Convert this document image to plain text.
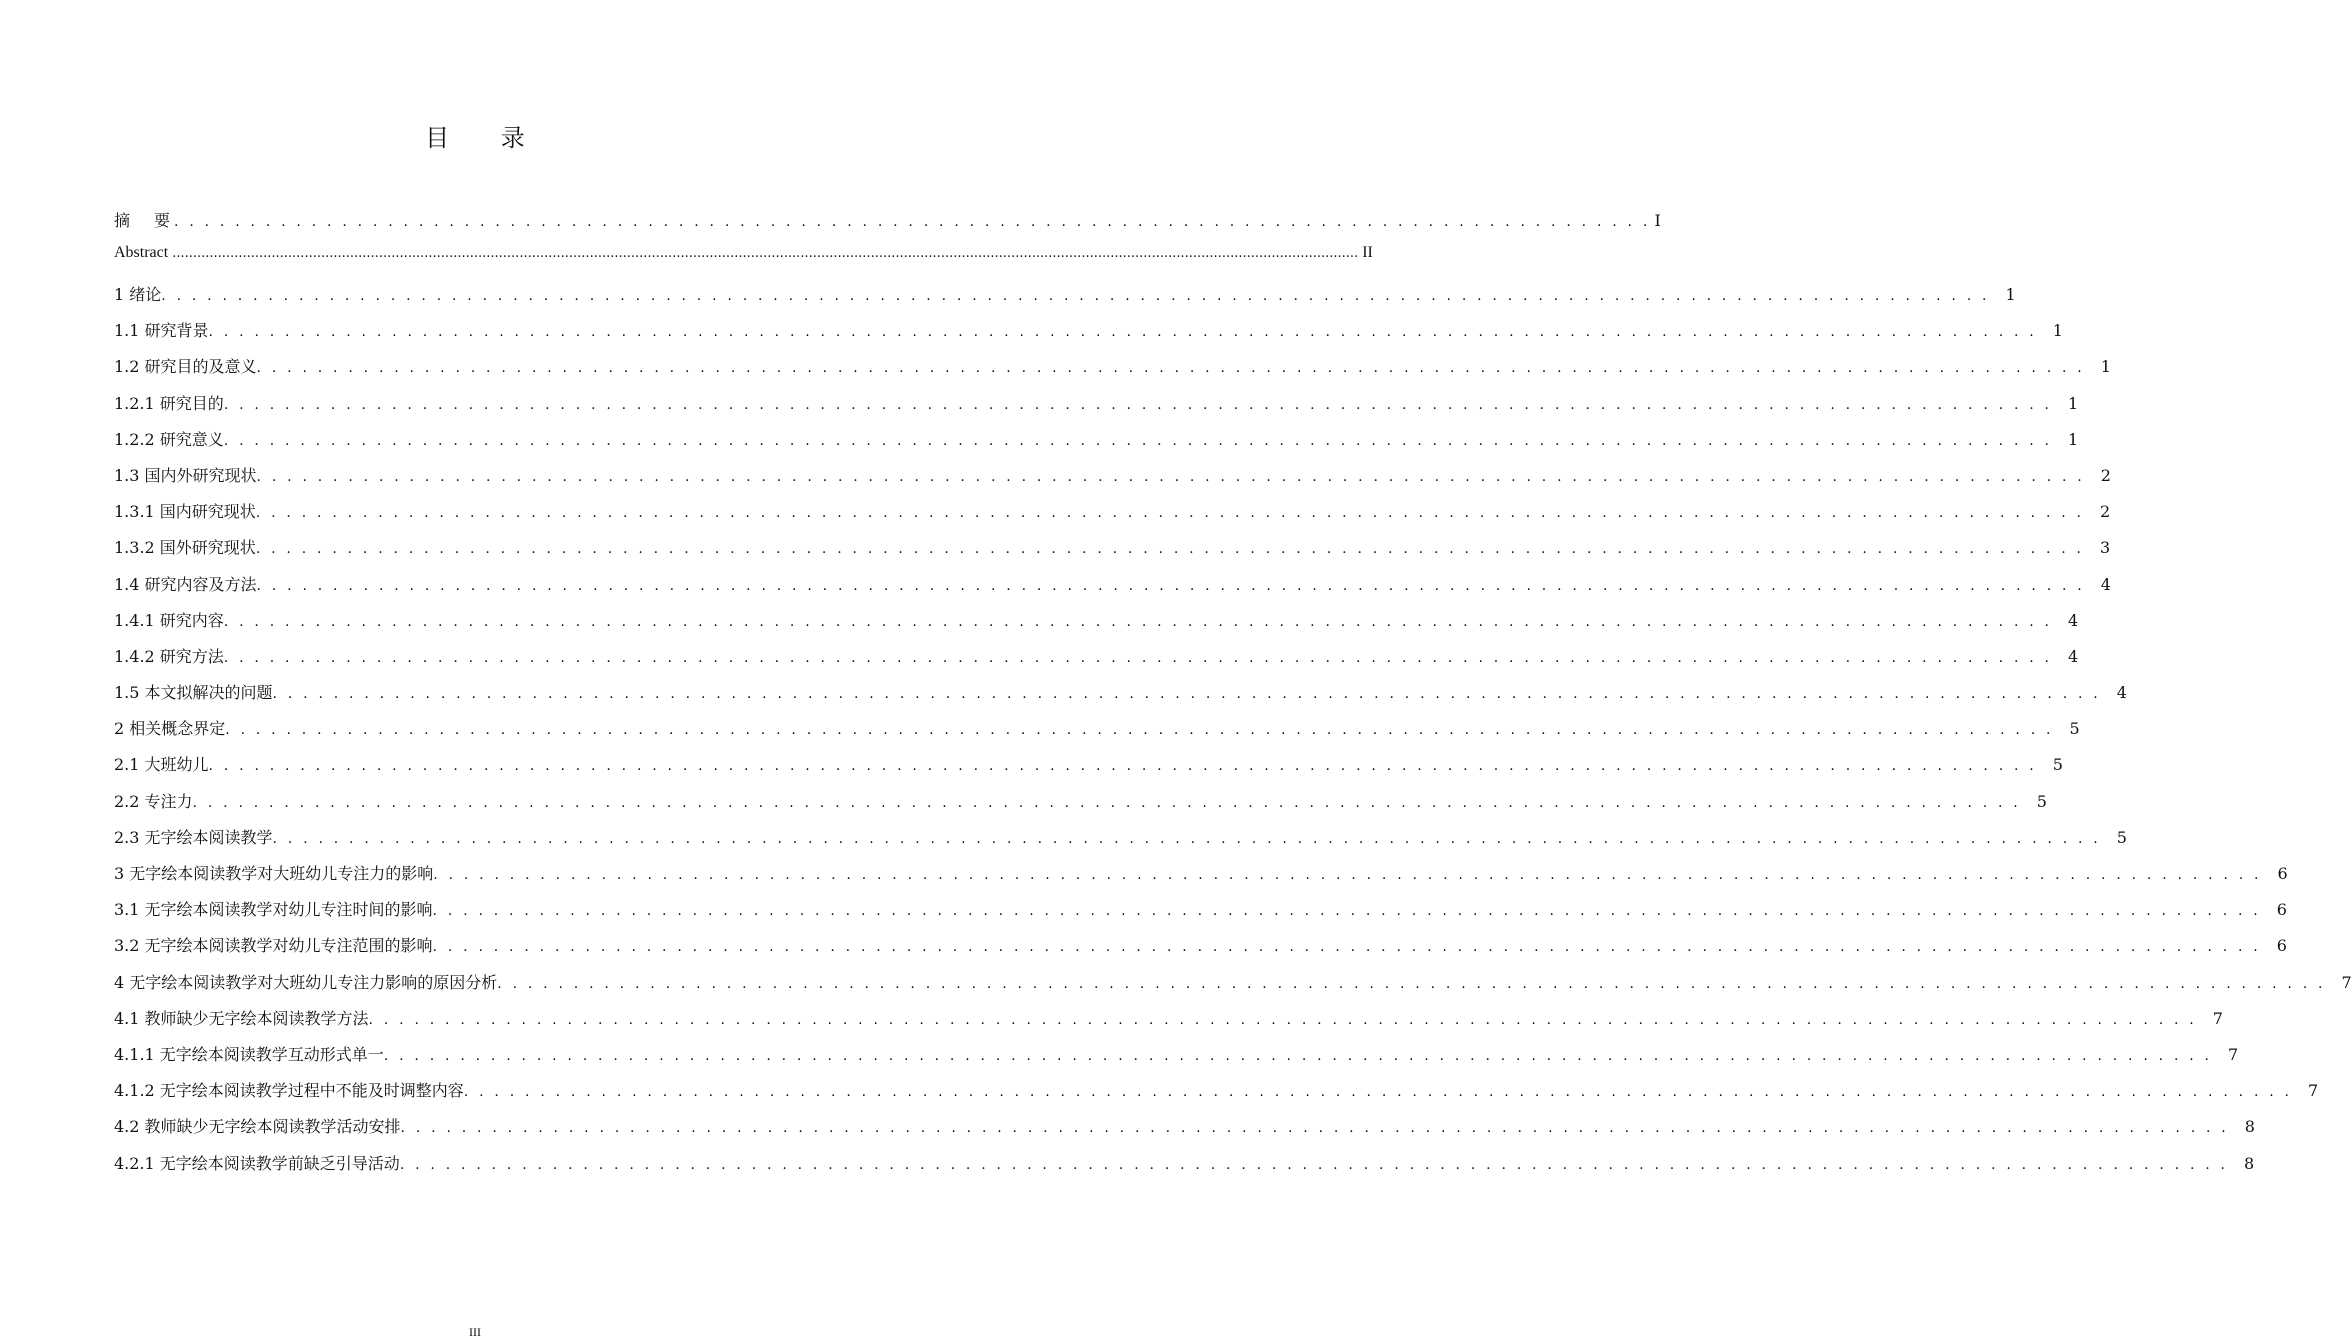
目 录
摘　要 . . . . . . . . . . . . . . . . . . . . . . . . . . . . . . . . . . . . . . . . . . . . . . . . . . . . . . . . . . . . . . . . . . . . . . . . . . . . . . . . . . . . . . . . . . . . . . . . . I
Abstract ............................................................................................................................................................................................................................................................................................... II
1 绪论 . . . . . . . . . . . . . . . . . . . . . . . . . . . . . . . . . . . . . . . . . . . . . . . . . . . . . . . . . . . . . . . . . . . . . . . . . . . . . . . . . . . . . . . . . . . . . . . . . . . . . . . . . . . . . . . . . . . . . . . . 1
1.1 研究背景 . . . . . . . . . . . . . . . . . . . . . . . . . . . . . . . . . . . . . . . . . . . . . . . . . . . . . . . . . . . . . . . . . . . . . . . . . . . . . . . . . . . . . . . . . . . . . . . . . . . . . . . . . . . . . . . . . . . . . . . . 1
1.2 研究目的及意义 . . . . . . . . . . . . . . . . . . . . . . . . . . . . . . . . . . . . . . . . . . . . . . . . . . . . . . . . . . . . . . . . . . . . . . . . . . . . . . . . . . . . . . . . . . . . . . . . . . . . . . . . . . . . . . . . . . . . . . . . 1
1.2.1 研究目的 . . . . . . . . . . . . . . . . . . . . . . . . . . . . . . . . . . . . . . . . . . . . . . . . . . . . . . . . . . . . . . . . . . . . . . . . . . . . . . . . . . . . . . . . . . . . . . . . . . . . . . . . . . . . . . . . . . . . . . . . 1
1.2.2 研究意义 . . . . . . . . . . . . . . . . . . . . . . . . . . . . . . . . . . . . . . . . . . . . . . . . . . . . . . . . . . . . . . . . . . . . . . . . . . . . . . . . . . . . . . . . . . . . . . . . . . . . . . . . . . . . . . . . . . . . . . . . 1
1.3 国内外研究现状 . . . . . . . . . . . . . . . . . . . . . . . . . . . . . . . . . . . . . . . . . . . . . . . . . . . . . . . . . . . . . . . . . . . . . . . . . . . . . . . . . . . . . . . . . . . . . . . . . . . . . . . . . . . . . . . . . . . . . . . . 2
1.3.1 国内研究现状 . . . . . . . . . . . . . . . . . . . . . . . . . . . . . . . . . . . . . . . . . . . . . . . . . . . . . . . . . . . . . . . . . . . . . . . . . . . . . . . . . . . . . . . . . . . . . . . . . . . . . . . . . . . . . . . . . . . . . . . . 2
1.3.2 国外研究现状 . . . . . . . . . . . . . . . . . . . . . . . . . . . . . . . . . . . . . . . . . . . . . . . . . . . . . . . . . . . . . . . . . . . . . . . . . . . . . . . . . . . . . . . . . . . . . . . . . . . . . . . . . . . . . . . . . . . . . . . . 3
1.4 研究内容及方法 . . . . . . . . . . . . . . . . . . . . . . . . . . . . . . . . . . . . . . . . . . . . . . . . . . . . . . . . . . . . . . . . . . . . . . . . . . . . . . . . . . . . . . . . . . . . . . . . . . . . . . . . . . . . . . . . . . . . . . . . 4
1.4.1 研究内容 . . . . . . . . . . . . . . . . . . . . . . . . . . . . . . . . . . . . . . . . . . . . . . . . . . . . . . . . . . . . . . . . . . . . . . . . . . . . . . . . . . . . . . . . . . . . . . . . . . . . . . . . . . . . . . . . . . . . . . . . 4
1.4.2 研究方法 . . . . . . . . . . . . . . . . . . . . . . . . . . . . . . . . . . . . . . . . . . . . . . . . . . . . . . . . . . . . . . . . . . . . . . . . . . . . . . . . . . . . . . . . . . . . . . . . . . . . . . . . . . . . . . . . . . . . . . . . 4
1.5 本文拟解决的问题 . . . . . . . . . . . . . . . . . . . . . . . . . . . . . . . . . . . . . . . . . . . . . . . . . . . . . . . . . . . . . . . . . . . . . . . . . . . . . . . . . . . . . . . . . . . . . . . . . . . . . . . . . . . . . . . . . . . . . . . . 4
2 相关概念界定 . . . . . . . . . . . . . . . . . . . . . . . . . . . . . . . . . . . . . . . . . . . . . . . . . . . . . . . . . . . . . . . . . . . . . . . . . . . . . . . . . . . . . . . . . . . . . . . . . . . . . . . . . . . . . . . . . . . . . . . . 5
2.1 大班幼儿 . . . . . . . . . . . . . . . . . . . . . . . . . . . . . . . . . . . . . . . . . . . . . . . . . . . . . . . . . . . . . . . . . . . . . . . . . . . . . . . . . . . . . . . . . . . . . . . . . . . . . . . . . . . . . . . . . . . . . . . . 5
2.2 专注力 . . . . . . . . . . . . . . . . . . . . . . . . . . . . . . . . . . . . . . . . . . . . . . . . . . . . . . . . . . . . . . . . . . . . . . . . . . . . . . . . . . . . . . . . . . . . . . . . . . . . . . . . . . . . . . . . . . . . . . . . 5
2.3 无字绘本阅读教学 . . . . . . . . . . . . . . . . . . . . . . . . . . . . . . . . . . . . . . . . . . . . . . . . . . . . . . . . . . . . . . . . . . . . . . . . . . . . . . . . . . . . . . . . . . . . . . . . . . . . . . . . . . . . . . . . . . . . . . . . 5
3 无字绘本阅读教学对大班幼儿专注力的影响 . . . . . . . . . . . . . . . . . . . . . . . . . . . . . . . . . . . . . . . . . . . . . . . . . . . . . . . . . . . . . . . . . . . . . . . . . . . . . . . . . . . . . . . . . . . . . . . . . . . . . . . . . . . . . . . . . . . . . . . . 6
3.1 无字绘本阅读教学对幼儿专注时间的影响 . . . . . . . . . . . . . . . . . . . . . . . . . . . . . . . . . . . . . . . . . . . . . . . . . . . . . . . . . . . . . . . . . . . . . . . . . . . . . . . . . . . . . . . . . . . . . . . . . . . . . . . . . . . . . . . . . . . . . . . . 6
3.2 无字绘本阅读教学对幼儿专注范围的影响 . . . . . . . . . . . . . . . . . . . . . . . . . . . . . . . . . . . . . . . . . . . . . . . . . . . . . . . . . . . . . . . . . . . . . . . . . . . . . . . . . . . . . . . . . . . . . . . . . . . . . . . . . . . . . . . . . . . . . . . . 6
4 无字绘本阅读教学对大班幼儿专注力影响的原因分析 . . . . . . . . . . . . . . . . . . . . . . . . . . . . . . . . . . . . . . . . . . . . . . . . . . . . . . . . . . . . . . . . . . . . . . . . . . . . . . . . . . . . . . . . . . . . . . . . . . . . . . . . . . . . . . . . . . . . . . . . 7
4.1 教师缺少无字绘本阅读教学方法 . . . . . . . . . . . . . . . . . . . . . . . . . . . . . . . . . . . . . . . . . . . . . . . . . . . . . . . . . . . . . . . . . . . . . . . . . . . . . . . . . . . . . . . . . . . . . . . . . . . . . . . . . . . . . . . . . . . . . . . . 7
4.1.1 无字绘本阅读教学互动形式单一 . . . . . . . . . . . . . . . . . . . . . . . . . . . . . . . . . . . . . . . . . . . . . . . . . . . . . . . . . . . . . . . . . . . . . . . . . . . . . . . . . . . . . . . . . . . . . . . . . . . . . . . . . . . . . . . . . . . . . . . . 7
4.1.2 无字绘本阅读教学过程中不能及时调整内容 . . . . . . . . . . . . . . . . . . . . . . . . . . . . . . . . . . . . . . . . . . . . . . . . . . . . . . . . . . . . . . . . . . . . . . . . . . . . . . . . . . . . . . . . . . . . . . . . . . . . . . . . . . . . . . . . . . . . . . . . 7
4.2 教师缺少无字绘本阅读教学活动安排 . . . . . . . . . . . . . . . . . . . . . . . . . . . . . . . . . . . . . . . . . . . . . . . . . . . . . . . . . . . . . . . . . . . . . . . . . . . . . . . . . . . . . . . . . . . . . . . . . . . . . . . . . . . . . . . . . . . . . . . . 8
4.2.1 无字绘本阅读教学前缺乏引导活动 . . . . . . . . . . . . . . . . . . . . . . . . . . . . . . . . . . . . . . . . . . . . . . . . . . . . . . . . . . . . . . . . . . . . . . . . . . . . . . . . . . . . . . . . . . . . . . . . . . . . . . . . . . . . . . . . . . . . . . . . 8
III
